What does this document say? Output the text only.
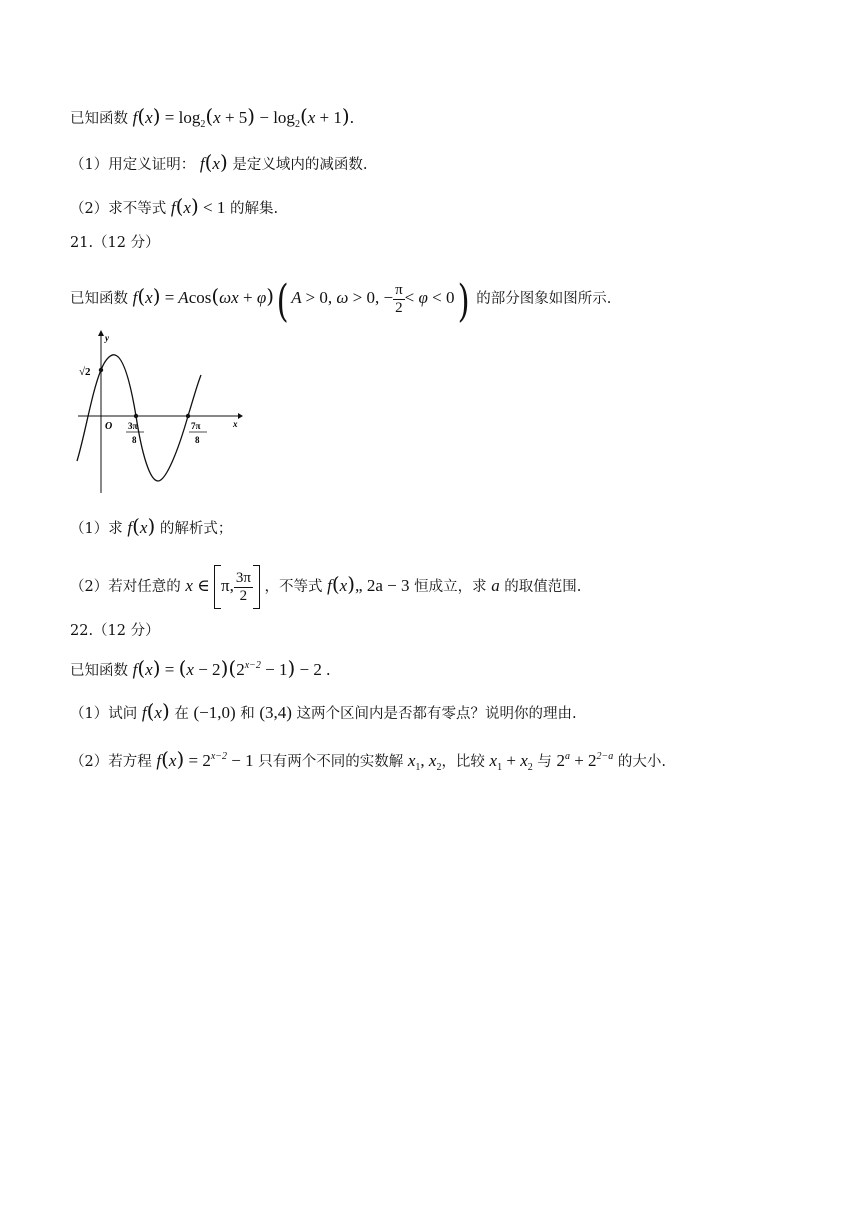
已知函数 $f(x) = \log_2(x + 5) - \log_2(x + 1)$.
（1）用定义证明： f(x) 是定义域内的减函数.
（2）求不等式 f(x) < 1 的解集.
21.（12 分）
已知函数 f(x) = Acos(ωx + φ)( A > 0, ω > 0, − $\frac{\pi}{2} < \varphi < 0$) 的部分图象如图所示.
y
x
O
√2
3π
8
7π
8
（1）求 f(x) 的解析式；
（2）若对任意的 x ∈ π, $\frac{3\pi}{2}$ ，不等式 f(x)„ 2a − 3 恒成立，求 a 的取值范围.
22.（12 分）
已知函数 $f(x) = (x - 2)(2^{x-2} - 1) - 2$ .
（1）试问 f(x) 在 (−1,0) 和 (3,4) 这两个区间内是否都有零点？说明你的理由.
（2）若方程 $f(x) = 2^{x-2} - 1$ 只有两个不同的实数解 $x_1$, $x_2$，比较 $x_1 + x_2$ 与 $2^a + 2^{2-a}$ 的大小.
